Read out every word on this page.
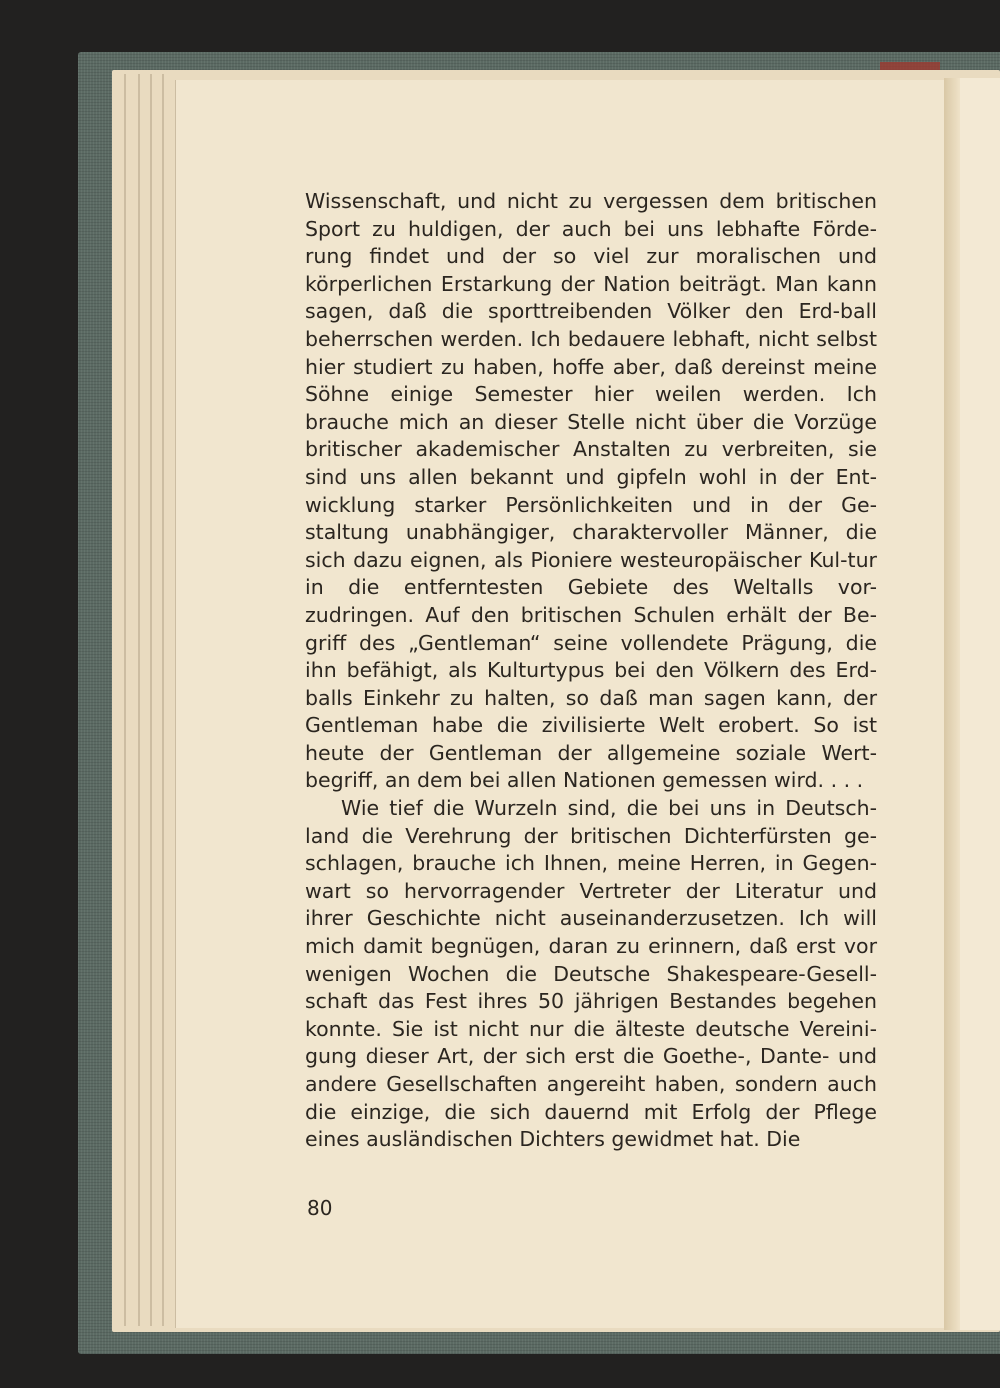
Wissenschaft, und nicht zu vergessen dem britischen Sport zu huldigen, der auch bei uns lebhafte Förde-rung findet und der so viel zur moralischen und körperlichen Erstarkung der Nation beiträgt. Man kann sagen, daß die sporttreibenden Völker den Erd-ball beherrschen werden. Ich bedauere lebhaft, nicht selbst hier studiert zu haben, hoffe aber, daß dereinst meine Söhne einige Semester hier weilen werden. Ich brauche mich an dieser Stelle nicht über die Vorzüge britischer akademischer Anstalten zu verbreiten, sie sind uns allen bekannt und gipfeln wohl in der Ent-wicklung starker Persönlichkeiten und in der Ge-staltung unabhängiger, charaktervoller Männer, die sich dazu eignen, als Pioniere westeuropäischer Kul-tur in die entferntesten Gebiete des Weltalls vor-zudringen. Auf den britischen Schulen erhält der Be-griff des „Gentleman“ seine vollendete Prägung, die ihn befähigt, als Kulturtypus bei den Völkern des Erd-balls Einkehr zu halten, so daß man sagen kann, der Gentleman habe die zivilisierte Welt erobert. So ist heute der Gentleman der allgemeine soziale Wert-begriff, an dem bei allen Nationen gemessen wird. . . .

Wie tief die Wurzeln sind, die bei uns in Deutsch-land die Verehrung der britischen Dichterfürsten ge-schlagen, brauche ich Ihnen, meine Herren, in Gegen-wart so hervorragender Vertreter der Literatur und ihrer Geschichte nicht auseinanderzusetzen. Ich will mich damit begnügen, daran zu erinnern, daß erst vor wenigen Wochen die Deutsche Shakespeare-Gesell-schaft das Fest ihres 50 jährigen Bestandes begehen konnte. Sie ist nicht nur die älteste deutsche Vereini-gung dieser Art, der sich erst die Goethe-, Dante- und andere Gesellschaften angereiht haben, sondern auch die einzige, die sich dauernd mit Erfolg der Pflege eines ausländischen Dichters gewidmet hat. Die

80
